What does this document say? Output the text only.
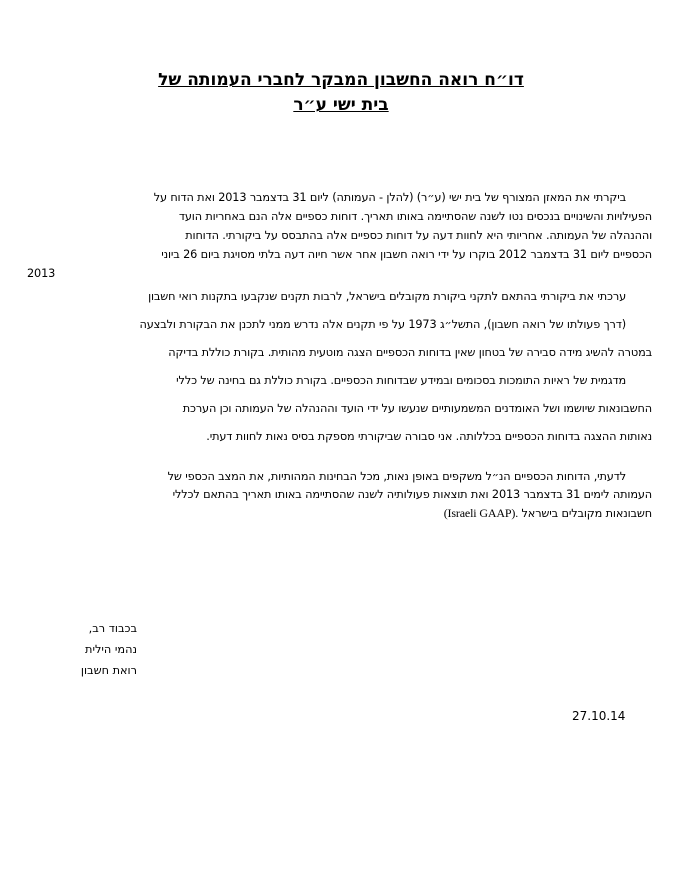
דו״ח רואה החשבון המבקר לחברי העמותה של
בית ישי ע״ר
ביקרתי את המאזן המצורף של בית ישי (ע״ר) (להלן - העמותה) ליום 31 בדצמבר 2013 ואת הדוח על
הפעילויות והשינויים בנכסים נטו לשנה שהסתיימה באותו תאריך. דוחות כספיים אלה הנם באחריות הועד
וההנהלה של העמותה. אחריותי היא לחוות דעה על דוחות כספיים אלה בהתבסס על ביקורתי. הדוחות
הכספיים ליום 31 בדצמבר 2012 בוקרו על ידי רואה חשבון אחר אשר חיוה דעה בלתי מסויגת ביום 26 ביוני
2013
ערכתי את ביקורתי בהתאם לתקני ביקורת מקובלים בישראל, לרבות תקנים שנקבעו בתקנות רואי חשבון
(דרך פעולתו של רואה חשבון), התשל״ג 1973 על פי תקנים אלה נדרש ממני לתכנן את הבקורת ולבצעה
במטרה להשיג מידה סבירה של בטחון שאין בדוחות הכספיים הצגה מוטעית מהותית. בקורת כוללת בדיקה
מדגמית של ראיות התומכות בסכומים ובמידע שבדוחות הכספיים. בקורת כוללת גם בחינה של כללי
החשבונאות שיושמו ושל האומדנים המשמעותיים שנעשו על ידי הועד וההנהלה של העמותה וכן הערכת
נאותות ההצגה בדוחות הכספיים בכללותה. אני סבורה שביקורתי מספקת בסיס נאות לחוות דעתי.
לדעתי, הדוחות הכספיים הנ״ל משקפים באופן נאות, מכל הבחינות המהותיות, את המצב הכספי של
העמותה לימים 31 בדצמבר 2013 ואת תוצאות פעולותיה לשנה שהסתיימה באותו תאריך בהתאם לכללי
חשבונאות מקובלים בישראל (Israeli GAAP).
בכבוד רב,
נהמי הילית
רואת חשבון
27.10.14
